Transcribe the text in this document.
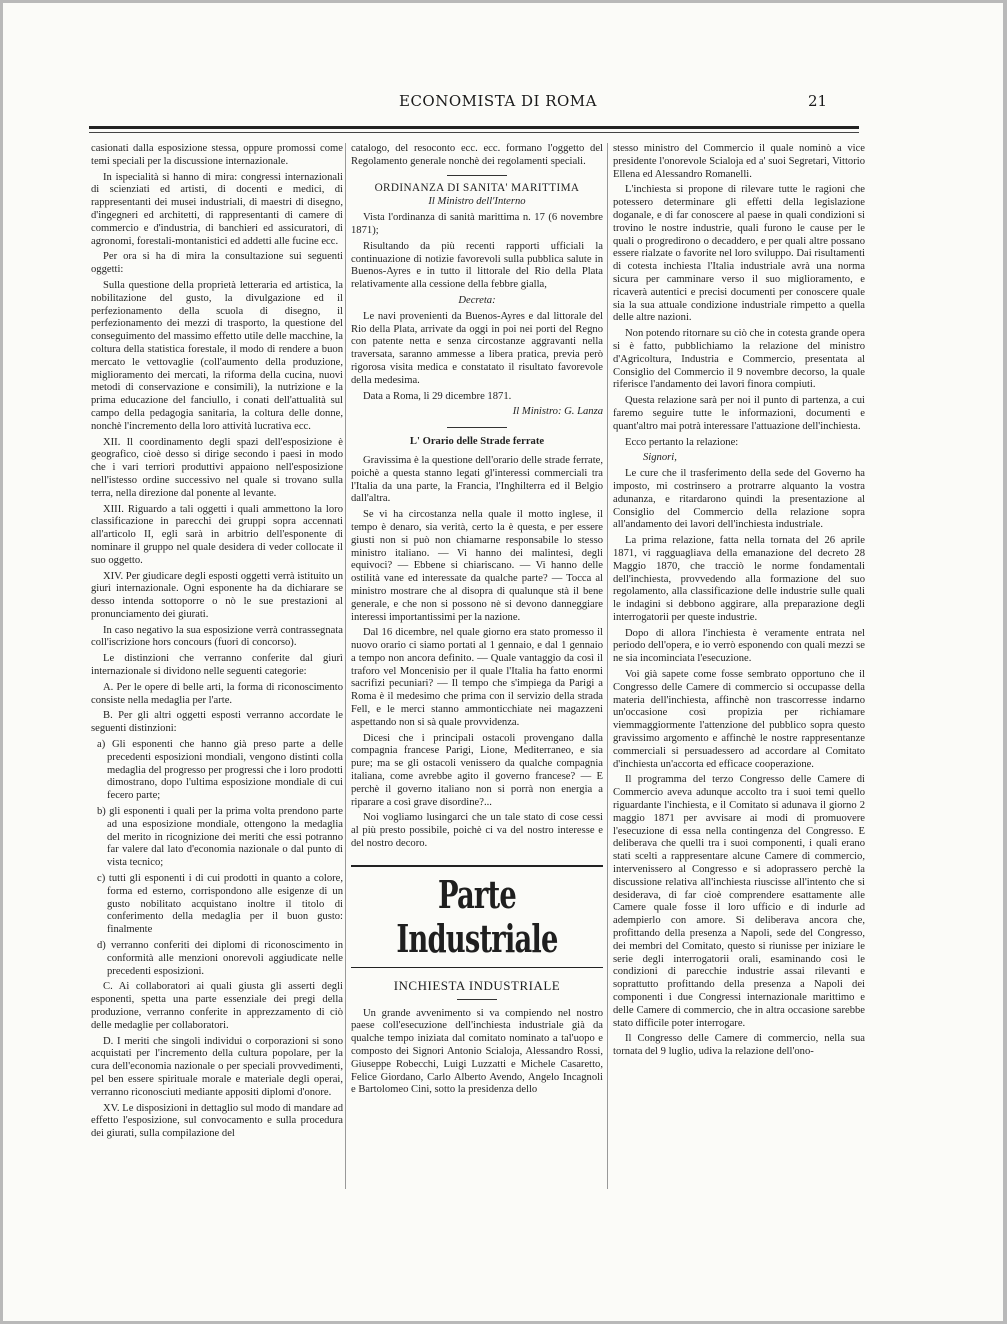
ECONOMISTA DI ROMA	21

casionati dalla esposizione stessa, oppure promossi come temi speciali per la discussione internazionale.

In ispecialità si hanno di mira: congressi internazionali di scienziati ed artisti, di docenti e medici, di rappresentanti dei musei industriali, di maestri di disegno, d'ingegneri ed architetti, di rappresentanti di camere di commercio e d'industria, di banchieri ed assicuratori, di agronomi, forestali-montanistici ed addetti alle fucine ecc.

Per ora si ha di mira la consultazione sui seguenti oggetti:

Sulla questione della proprietà letteraria ed artistica, la nobilitazione del gusto, la divulgazione ed il perfezionamento della scuola di disegno, il perfezionamento dei mezzi di trasporto, la questione del conseguimento del massimo effetto utile delle macchine, la coltura della statistica forestale, il modo di rendere a buon mercato le vettovaglie (coll'aumento della produzione, miglioramento dei mercati, la riforma della cucina, nuovi metodi di conservazione e consimili), la nutrizione e la prima educazione del fanciullo, i conati dell'attualità sul campo della pedagogia sanitaria, la coltura delle donne, nonchè l'incremento della loro attività lucrativa ecc.

XII. Il coordinamento degli spazi dell'esposizione è geografico, cioè desso si dirige secondo i paesi in modo che i vari terriori produttivi appaiono nell'esposizione nell'istesso ordine successivo nel quale si trovano sulla terra, nella direzione dal ponente al levante.

XIII. Riguardo a tali oggetti i quali ammettono la loro classificazione in parecchi dei gruppi sopra accennati all'articolo II, egli sarà in arbitrio dell'esponente di nominare il gruppo nel quale desidera di veder collocate il suo oggetto.

XIV. Per giudicare degli esposti oggetti verrà istituito un giurì internazionale. Ogni esponente ha da dichiarare se desso intenda sottoporre o nò le sue prestazioni al pronunciamento dei giurati.

In caso negativo la sua esposizione verrà contrassegnata coll'iscrizione hors concours (fuori di concorso).

Le distinzioni che verranno conferite dal giurì internazionale si dividono nelle seguenti categorie:

A. Per le opere di belle arti, la forma di riconoscimento consiste nella medaglia per l'arte.

B. Per gli altri oggetti esposti verranno accordate le seguenti distinzioni:

a) Gli esponenti che hanno già preso parte a delle precedenti esposizioni mondiali, vengono distinti colla medaglia del progresso per progressi che i loro prodotti dimostrano, dopo l'ultima esposizione mondiale di cui fecero parte;

b) gli esponenti i quali per la prima volta prendono parte ad una esposizione mondiale, ottengono la medaglia del merito in ricognizione dei meriti che essi potranno far valere dal lato d'economia nazionale o dal punto di vista tecnico;

c) tutti gli esponenti i di cui prodotti in quanto a colore, forma ed esterno, corrispondono alle esigenze di un gusto nobilitato acquistano inoltre il titolo di conferimento della medaglia per il buon gusto: finalmente

d) verranno conferiti dei diplomi di riconoscimento in conformità alle menzioni onorevoli aggiudicate nelle precedenti esposizioni.

C. Ai collaboratori ai quali giusta gli asserti degli esponenti, spetta una parte essenziale dei pregi della produzione, verranno conferite in apprezzamento di ciò delle medaglie per collaboratori.

D. I meriti che singoli individui o corporazioni si sono acquistati per l'incremento della cultura popolare, per la cura dell'economia nazionale o per speciali provvedimenti, pel ben essere spirituale morale e materiale degli operai, verranno riconosciuti mediante appositi diplomi d'onore.

XV. Le disposizioni in dettaglio sul modo di mandare ad effetto l'esposizione, sul convocamento e sulla procedura dei giurati, sulla compilazione del

catalogo, del resoconto ecc. ecc. formano l'oggetto del Regolamento generale nonchè dei regolamenti speciali.

ORDINANZA DI SANITA' MARITTIMA

Il Ministro dell'Interno

Vista l'ordinanza di sanità marittima n. 17 (6 novembre 1871);

Risultando da più recenti rapporti ufficiali la continuazione di notizie favorevoli sulla pubblica salute in Buenos-Ayres e in tutto il littorale del Rio della Plata relativamente alla cessione della febbre gialla,

Decreta:

Le navi provenienti da Buenos-Ayres e dal littorale del Rio della Plata, arrivate da oggi in poi nei porti del Regno con patente netta e senza circostanze aggravanti nella traversata, saranno ammesse a libera pratica, previa però rigorosa visita medica e constatato il risultato favorevole della medesima.

Data a Roma, li 29 dicembre 1871.

Il Ministro: G. Lanza

L' Orario delle Strade ferrate

Gravissima è la questione dell'orario delle strade ferrate, poichè a questa stanno legati gl'interessi commerciali tra l'Italia da una parte, la Francia, l'Inghilterra ed il Belgio dall'altra.

Se vi ha circostanza nella quale il motto inglese, il tempo è denaro, sia verità, certo la è questa, e per essere giusti non si può non chiamarne responsabile lo stesso ministro italiano. — Vi hanno dei malintesi, degli equivoci? — Ebbene si chiariscano. — Vi hanno delle ostilità vane ed interessate da qualche parte? — Tocca al ministro mostrare che al disopra di qualunque stà il bene generale, e che non si possono nè si devono danneggiare interessi importantissimi per la nazione.

Dal 16 dicembre, nel quale giorno era stato promesso il nuovo orario ci siamo portati al 1 gennaio, e dal 1 gennaio a tempo non ancora definito. — Quale vantaggio da così il traforo vel Moncenisio per il quale l'Italia ha fatto enormi sacrifizi pecuniari? — Il tempo che s'impiega da Parigi a Roma è il medesimo che prima con il servizio della strada Fell, e le merci stanno ammonticchiate nei magazzeni aspettando non si sà quale provvidenza.

Dicesi che i principali ostacoli provengano dalla compagnia francese Parigi, Lione, Mediterraneo, e sia pure; ma se gli ostacoli venissero da qualche compagnia italiana, come avrebbe agito il governo francese? — E perchè il governo italiano non si porrà non energia a riparare a così grave disordine?...

Noi vogliamo lusingarci che un tale stato di cose cessi al più presto possibile, poichè ci va del nostro interesse e del nostro decoro.

Parte Industriale

INCHIESTA INDUSTRIALE

Un grande avvenimento si va compiendo nel nostro paese coll'esecuzione dell'inchiesta industriale già da qualche tempo iniziata dal comitato nominato a tal'uopo e composto dei Signori Antonio Scialoja, Alessandro Rossi, Giuseppe Robecchi, Luigi Luzzatti e Michele Casaretto, Felice Giordano, Carlo Alberto Avendo, Angelo Incagnoli e Bartolomeo Cini, sotto la presidenza dello

stesso ministro del Commercio il quale nominò a vice presidente l'onorevole Scialoja ed a' suoi Segretari, Vittorio Ellena ed Alessandro Romanelli.

L'inchiesta si propone di rilevare tutte le ragioni che potessero determinare gli effetti della legislazione doganale, e di far conoscere al paese in quali condizioni si trovino le nostre industrie, quali furono le cause per le quali o progredirono o decaddero, e per quali altre possano essere rialzate o favorite nel loro sviluppo. Dai risultamenti di cotesta inchiesta l'Italia industriale avrà una norma sicura per camminare verso il suo miglioramento, e ricaverà autentici e precisi documenti per conoscere quale sia la sua attuale condizione industriale rimpetto a quella delle altre nazioni.

Non potendo ritornare su ciò che in cotesta grande opera si è fatto, pubblichiamo la relazione del ministro d'Agricoltura, Industria e Commercio, presentata al Consiglio del Commercio il 9 novembre decorso, la quale riferisce l'andamento dei lavori finora compiuti.

Questa relazione sarà per noi il punto di partenza, a cui faremo seguire tutte le informazioni, documenti e quant'altro mai potrà interessare l'attuazione dell'inchiesta.

Ecco pertanto la relazione:

Signori,

Le cure che il trasferimento della sede del Governo ha imposto, mi costrinsero a protrarre alquanto la vostra adunanza, e ritardarono quindi la presentazione al Consiglio del Commercio della relazione sopra all'andamento dei lavori dell'inchiesta industriale.

La prima relazione, fatta nella tornata del 26 aprile 1871, vi ragguagliava della emanazione del decreto 28 Maggio 1870, che tracciò le norme fondamentali dell'inchiesta, provvedendo alla formazione del suo regolamento, alla classificazione delle industrie sulle quali le indagini si debbono aggirare, alla preparazione degli interrogatorii per queste industrie.

Dopo di allora l'inchiesta è veramente entrata nel periodo dell'opera, e io verrò esponendo con quali mezzi se ne sia incominciata l'esecuzione.

Voi già sapete come fosse sembrato opportuno che il Congresso delle Camere di commercio si occupasse della materia dell'inchiesta, affinchè non trascorresse indarno un'occasione così propizia per richiamare viemmaggiormente l'attenzione del pubblico sopra questo gravissimo argomento e affinchè le nostre rappresentanze commerciali si persuadessero ad accordare al Comitato d'inchiesta un'accorta ed efficace cooperazione.

Il programma del terzo Congresso delle Camere di Commercio aveva adunque accolto tra i suoi temi quello riguardante l'inchiesta, e il Comitato si adunava il giorno 2 maggio 1871 per avvisare ai modi di promuovere l'esecuzione di essa nella contingenza del Congresso. E deliberava che quelli tra i suoi componenti, i quali erano stati scelti a rappresentare alcune Camere di commercio, intervenissero al Congresso e si adoprassero perchè la discussione relativa all'inchiesta riuscisse all'intento che si desiderava, di far cioè comprendere esattamente alle Camere quale fosse il loro ufficio e di indurle ad adempierlo con amore. Si deliberava ancora che, profittando della presenza a Napoli, sede del Congresso, dei membri del Comitato, questo si riunisse per iniziare le serie degli interrogatorii orali, esaminando così le condizioni di parecchie industrie assai rilevanti e soprattutto profittando della presenza a Napoli dei componenti i due Congressi internazionale marittimo e delle Camere di commercio, che in altra occasione sarebbe stato difficile poter interrogare.

Il Congresso delle Camere di commercio, nella sua tornata del 9 luglio, udiva la relazione dell'ono-
